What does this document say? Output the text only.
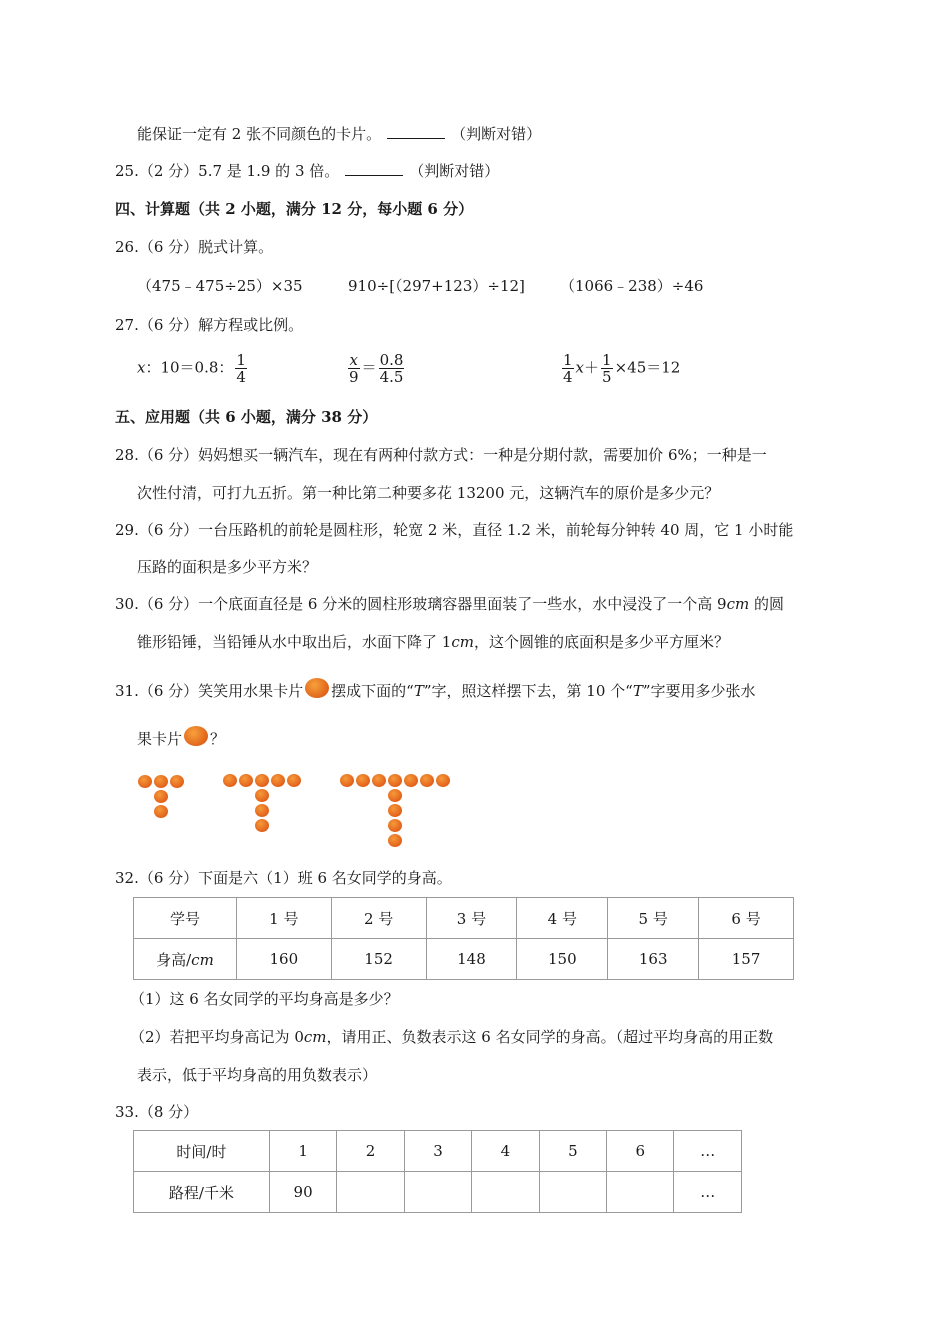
能保证一定有 2 张不同颜色的卡片。	（判断对错）
25.（2 分）5.7 是 1.9 的 3 倍。	（判断对错）
四、计算题（共 2 小题，满分 12 分，每小题 6 分）
26.（6 分）脱式计算。
（475﹣475÷25）×35	910÷[（297+123）÷12] （1066﹣238）÷46
27.（6 分）解方程或比例。
x：10＝0.8： $\frac{1}{4}$	$\frac{x}{9} = \frac{0.8}{4.5}$	$\frac{1}{4} x+ \frac{1}{5} \times 45=12$
五、应用题（共 6 小题，满分 38 分）
28.（6 分）妈妈想买一辆汽车，现在有两种付款方式：一种是分期付款，需要加价 6%；一种是一
次性付清，可打九五折。第一种比第二种要多花 13200 元，这辆汽车的原价是多少元？
29.（6 分）一台压路机的前轮是圆柱形，轮宽 2 米，直径 1.2 米，前轮每分钟转 40 周，它 1 小时能
压路的面积是多少平方米？
30.（6 分）一个底面直径是 6 分米的圆柱形玻璃容器里面装了一些水，水中浸没了一个高 9cm 的圆
锥形铅锤，当铅锤从水中取出后，水面下降了 1cm，这个圆锥的底面积是多少平方厘米？
31.（6 分）笑笑用水果卡片 摆成下面的“T”字，照这样摆下去，第 10 个“T”字要用多少张水
果卡片 ？
32.（6 分）下面是六（1）班 6 名女同学的身高。
学号	1 号	2 号	3 号	4 号	5 号	6 号
身高/cm	160	152	148	150	163	157
（1）这 6 名女同学的平均身高是多少？
（2）若把平均身高记为 0cm，请用正、负数表示这 6 名女同学的身高。（超过平均身高的用正数
表示，低于平均身高的用负数表示）
33.（8 分）
时间/时	1	2	3	4	5	6	…
路程/千米	90						…
